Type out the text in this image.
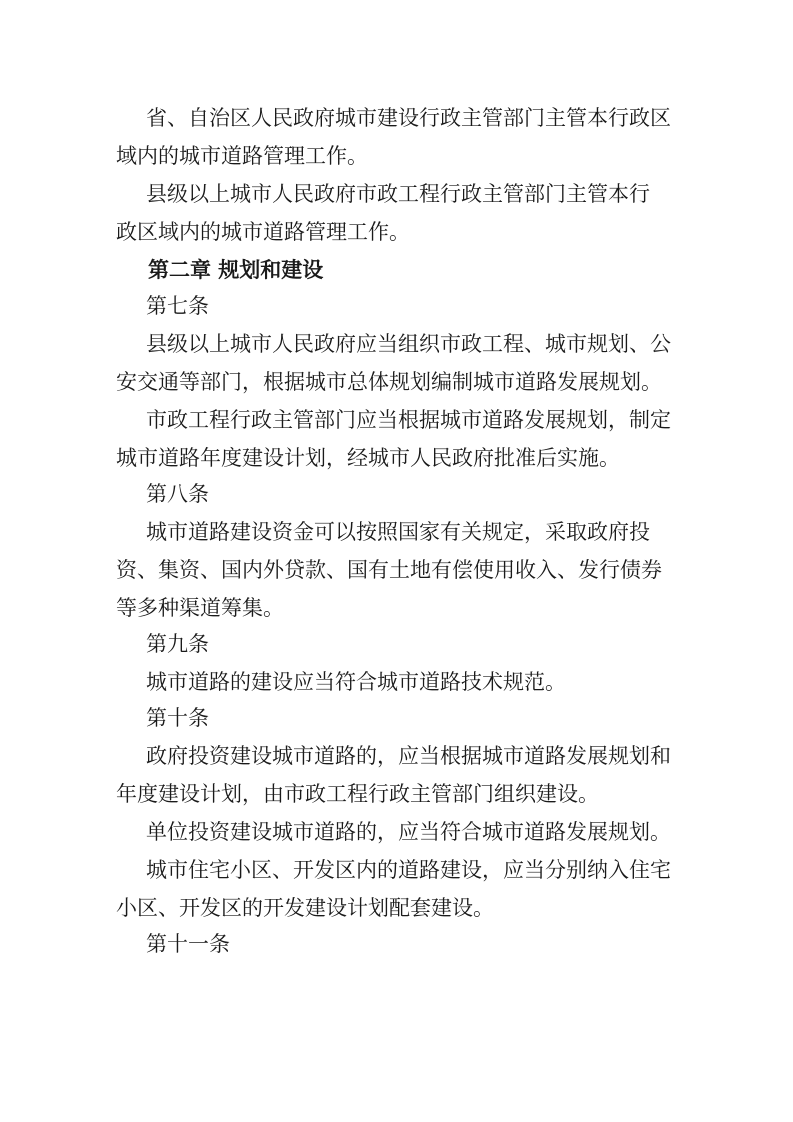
省、自治区人民政府城市建设行政主管部门主管本行政区
域内的城市道路管理工作。
县级以上城市人民政府市政工程行政主管部门主管本行
政区域内的城市道路管理工作。
第二章 规划和建设
第七条
县级以上城市人民政府应当组织市政工程、城市规划、公
安交通等部门，根据城市总体规划编制城市道路发展规划。
市政工程行政主管部门应当根据城市道路发展规划，制定
城市道路年度建设计划，经城市人民政府批准后实施。
第八条
城市道路建设资金可以按照国家有关规定，采取政府投
资、集资、国内外贷款、国有土地有偿使用收入、发行债券
等多种渠道筹集。
第九条
城市道路的建设应当符合城市道路技术规范。
第十条
政府投资建设城市道路的，应当根据城市道路发展规划和
年度建设计划，由市政工程行政主管部门组织建设。
单位投资建设城市道路的，应当符合城市道路发展规划。
城市住宅小区、开发区内的道路建设，应当分别纳入住宅
小区、开发区的开发建设计划配套建设。
第十一条
